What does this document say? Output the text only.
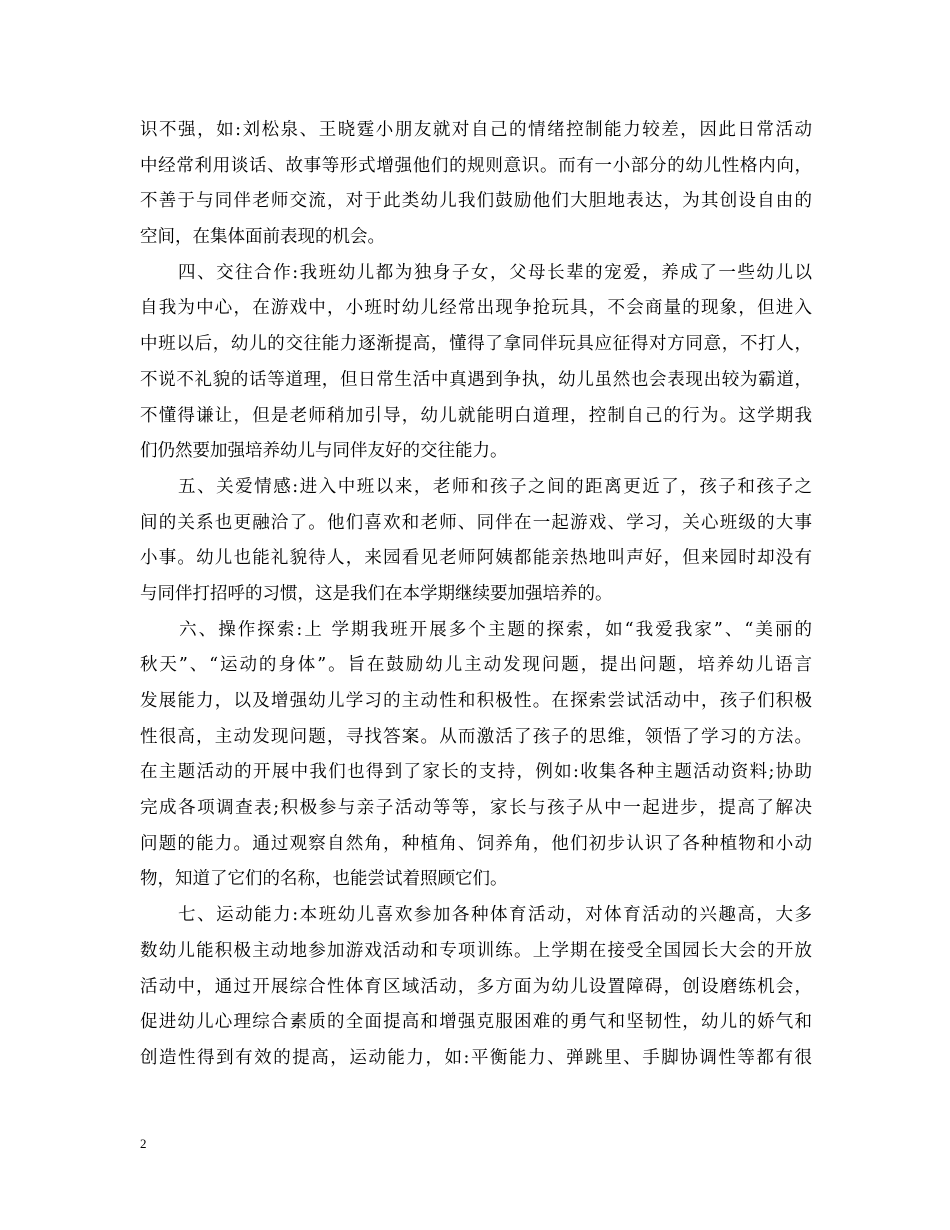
识不强，如:刘松泉、王晓霆小朋友就对自己的情绪控制能力较差，因此日常活动
中经常利用谈话、故事等形式增强他们的规则意识。而有一小部分的幼儿性格内向，
不善于与同伴老师交流，对于此类幼儿我们鼓励他们大胆地表达，为其创设自由的
空间，在集体面前表现的机会。
　　四、交往合作:我班幼儿都为独身子女，父母长辈的宠爱，养成了一些幼儿以
自我为中心，在游戏中，小班时幼儿经常出现争抢玩具，不会商量的现象，但进入
中班以后，幼儿的交往能力逐渐提高，懂得了拿同伴玩具应征得对方同意，不打人，
不说不礼貌的话等道理，但日常生活中真遇到争执，幼儿虽然也会表现出较为霸道，
不懂得谦让，但是老师稍加引导，幼儿就能明白道理，控制自己的行为。这学期我
们仍然要加强培养幼儿与同伴友好的交往能力。
　　五、关爱情感:进入中班以来，老师和孩子之间的距离更近了，孩子和孩子之
间的关系也更融洽了。他们喜欢和老师、同伴在一起游戏、学习，关心班级的大事
小事。幼儿也能礼貌待人，来园看见老师阿姨都能亲热地叫声好，但来园时却没有
与同伴打招呼的习惯，这是我们在本学期继续要加强培养的。
　　六、操作探索:上 学期我班开展多个主题的探索，如“我爱我家”、“美丽的
秋天”、“运动的身体”。旨在鼓励幼儿主动发现问题，提出问题，培养幼儿语言
发展能力，以及增强幼儿学习的主动性和积极性。在探索尝试活动中，孩子们积极
性很高，主动发现问题，寻找答案。从而激活了孩子的思维，领悟了学习的方法。
在主题活动的开展中我们也得到了家长的支持，例如:收集各种主题活动资料;协助
完成各项调查表;积极参与亲子活动等等，家长与孩子从中一起进步，提高了解决
问题的能力。通过观察自然角，种植角、饲养角，他们初步认识了各种植物和小动
物，知道了它们的名称，也能尝试着照顾它们。
　　七、运动能力:本班幼儿喜欢参加各种体育活动，对体育活动的兴趣高，大多
数幼儿能积极主动地参加游戏活动和专项训练。上学期在接受全国园长大会的开放
活动中，通过开展综合性体育区域活动，多方面为幼儿设置障碍，创设磨练机会，
促进幼儿心理综合素质的全面提高和增强克服困难的勇气和坚韧性，幼儿的娇气和
创造性得到有效的提高，运动能力，如:平衡能力、弹跳里、手脚协调性等都有很
2
